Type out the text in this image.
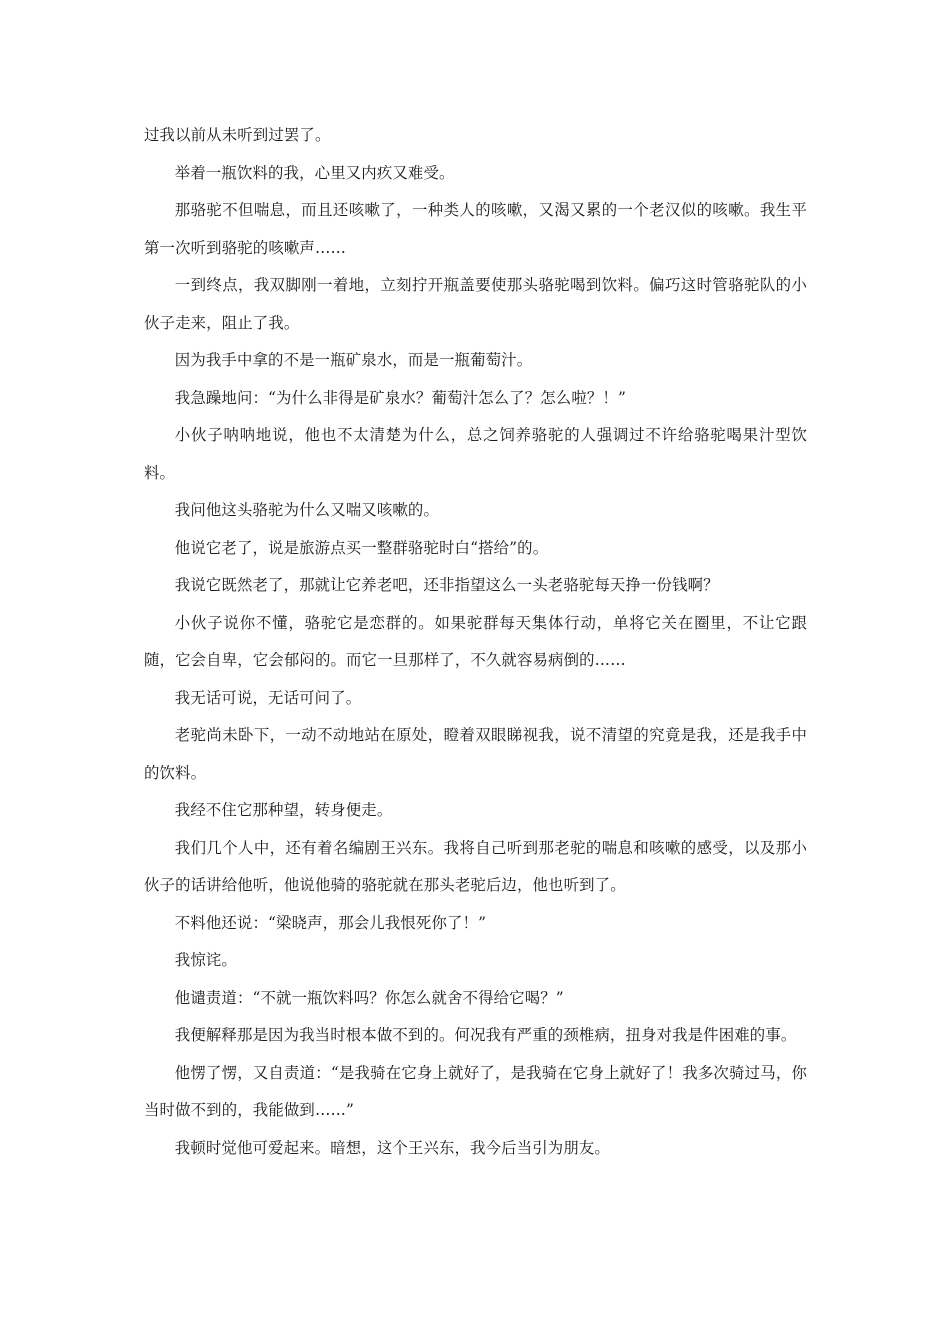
过我以前从未听到过罢了。

举着一瓶饮料的我，心里又内疚又难受。

那骆驼不但喘息，而且还咳嗽了，一种类人的咳嗽，又渴又累的一个老汉似的咳嗽。我生平第一次听到骆驼的咳嗽声……

一到终点，我双脚刚一着地，立刻拧开瓶盖要使那头骆驼喝到饮料。偏巧这时管骆驼队的小伙子走来，阻止了我。

因为我手中拿的不是一瓶矿泉水，而是一瓶葡萄汁。

我急躁地问：“为什么非得是矿泉水？葡萄汁怎么了？怎么啦？！”

小伙子呐呐地说，他也不太清楚为什么，总之饲养骆驼的人强调过不许给骆驼喝果汁型饮料。

我问他这头骆驼为什么又喘又咳嗽的。

他说它老了，说是旅游点买一整群骆驼时白“搭给”的。

我说它既然老了，那就让它养老吧，还非指望这么一头老骆驼每天挣一份钱啊？

小伙子说你不懂，骆驼它是恋群的。如果驼群每天集体行动，单将它关在圈里，不让它跟随，它会自卑，它会郁闷的。而它一旦那样了，不久就容易病倒的……

我无话可说，无话可问了。

老驼尚未卧下，一动不动地站在原处，瞪着双眼睇视我，说不清望的究竟是我，还是我手中的饮料。

我经不住它那种望，转身便走。

我们几个人中，还有着名编剧王兴东。我将自己听到那老驼的喘息和咳嗽的感受，以及那小伙子的话讲给他听，他说他骑的骆驼就在那头老驼后边，他也听到了。

不料他还说：“梁晓声，那会儿我恨死你了！”

我惊诧。

他谴责道：“不就一瓶饮料吗？你怎么就舍不得给它喝？”

我便解释那是因为我当时根本做不到的。何况我有严重的颈椎病，扭身对我是件困难的事。

他愣了愣，又自责道：“是我骑在它身上就好了，是我骑在它身上就好了！我多次骑过马，你当时做不到的，我能做到……”

我顿时觉他可爱起来。暗想，这个王兴东，我今后当引为朋友。
